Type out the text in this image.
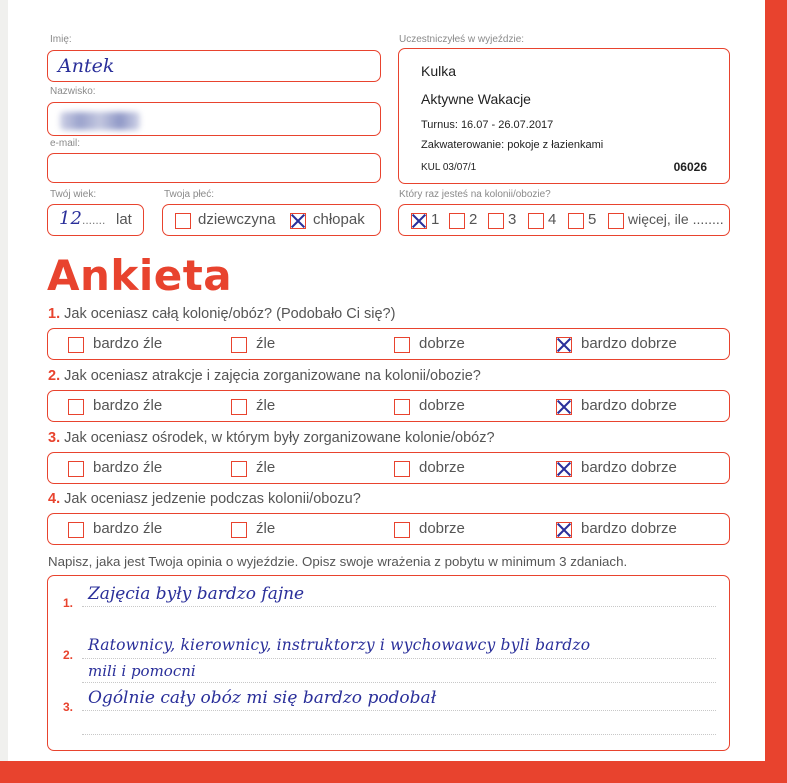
Imię:
Antek
Nazwisko:
e-mail:
Twój wiek:
12 ....... lat
Twoja płeć:
dziewczyna chłopak
Uczestniczyłeś w wyjeździe:
Kulka
Aktywne Wakacje
Turnus: 16.07 - 26.07.2017
Zakwaterowanie: pokoje z łazienkami
KUL 03/07/1	06026
Który raz jesteś na kolonii/obozie?
1 2 3 4 5 więcej, ile ........
Ankieta
1. Jak oceniasz całą kolonię/obóz? (Podobało Ci się?)
bardzo źle	źle	dobrze	bardzo dobrze
2. Jak oceniasz atrakcje i zajęcia zorganizowane na kolonii/obozie?
bardzo źle	źle	dobrze	bardzo dobrze
3. Jak oceniasz ośrodek, w którym były zorganizowane kolonie/obóz?
bardzo źle	źle	dobrze	bardzo dobrze
4. Jak oceniasz jedzenie podczas kolonii/obozu?
bardzo źle	źle	dobrze	bardzo dobrze
Napisz, jaka jest Twoja opinia o wyjeździe. Opisz swoje wrażenia z pobytu w minimum 3 zdaniach.
1.
2.
3.
Zajęcia były bardzo fajne
Ratownicy, kierownicy, instruktorzy i wychowawcy byli bardzo
mili i pomocni
Ogólnie cały obóz mi się bardzo podobał
